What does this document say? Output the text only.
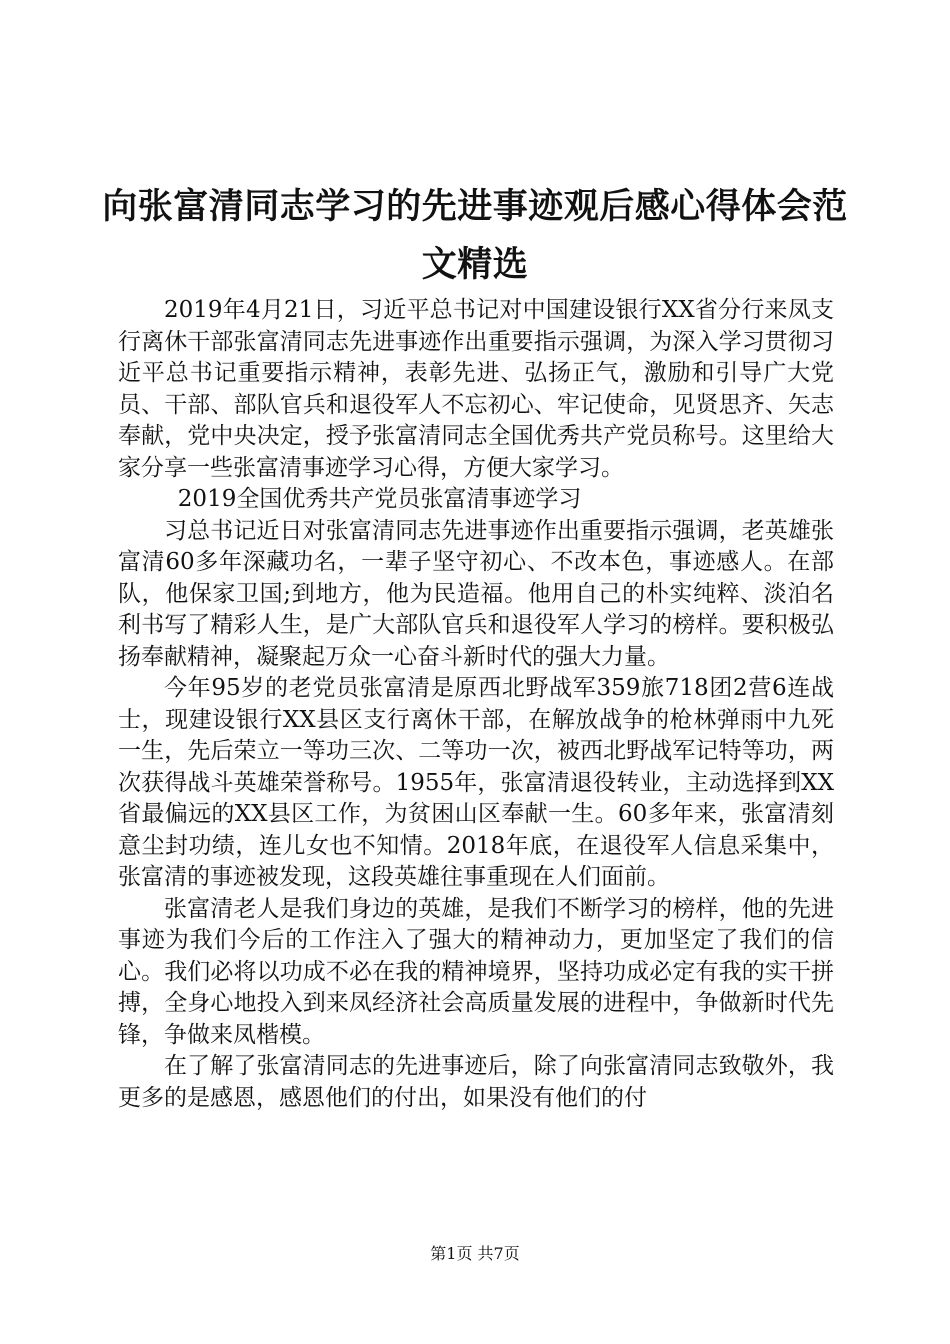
向张富清同志学习的先进事迹观后感心得体会范文精选

2019年4月21日，习近平总书记对中国建设银行XX省分行来凤支行离休干部张富清同志先进事迹作出重要指示强调，为深入学习贯彻习近平总书记重要指示精神，表彰先进、弘扬正气，激励和引导广大党员、干部、部队官兵和退役军人不忘初心、牢记使命，见贤思齐、矢志奉献，党中央决定，授予张富清同志全国优秀共产党员称号。这里给大家分享一些张富清事迹学习心得，方便大家学习。

2019全国优秀共产党员张富清事迹学习

习总书记近日对张富清同志先进事迹作出重要指示强调，老英雄张富清60多年深藏功名，一辈子坚守初心、不改本色，事迹感人。在部队，他保家卫国;到地方，他为民造福。他用自己的朴实纯粹、淡泊名利书写了精彩人生，是广大部队官兵和退役军人学习的榜样。要积极弘扬奉献精神，凝聚起万众一心奋斗新时代的强大力量。

今年95岁的老党员张富清是原西北野战军359旅718团2营6连战士，现建设银行XX县区支行离休干部，在解放战争的枪林弹雨中九死一生，先后荣立一等功三次、二等功一次，被西北野战军记特等功，两次获得战斗英雄荣誉称号。1955年，张富清退役转业，主动选择到XX省最偏远的XX县区工作，为贫困山区奉献一生。60多年来，张富清刻意尘封功绩，连儿女也不知情。2018年底，在退役军人信息采集中，张富清的事迹被发现，这段英雄往事重现在人们面前。

张富清老人是我们身边的英雄，是我们不断学习的榜样，他的先进事迹为我们今后的工作注入了强大的精神动力，更加坚定了我们的信心。我们必将以功成不必在我的精神境界，坚持功成必定有我的实干拼搏，全身心地投入到来凤经济社会高质量发展的进程中，争做新时代先锋，争做来凤楷模。

在了解了张富清同志的先进事迹后，除了向张富清同志致敬外，我更多的是感恩，感恩他们的付出，如果没有他们的付

第1页 共7页
